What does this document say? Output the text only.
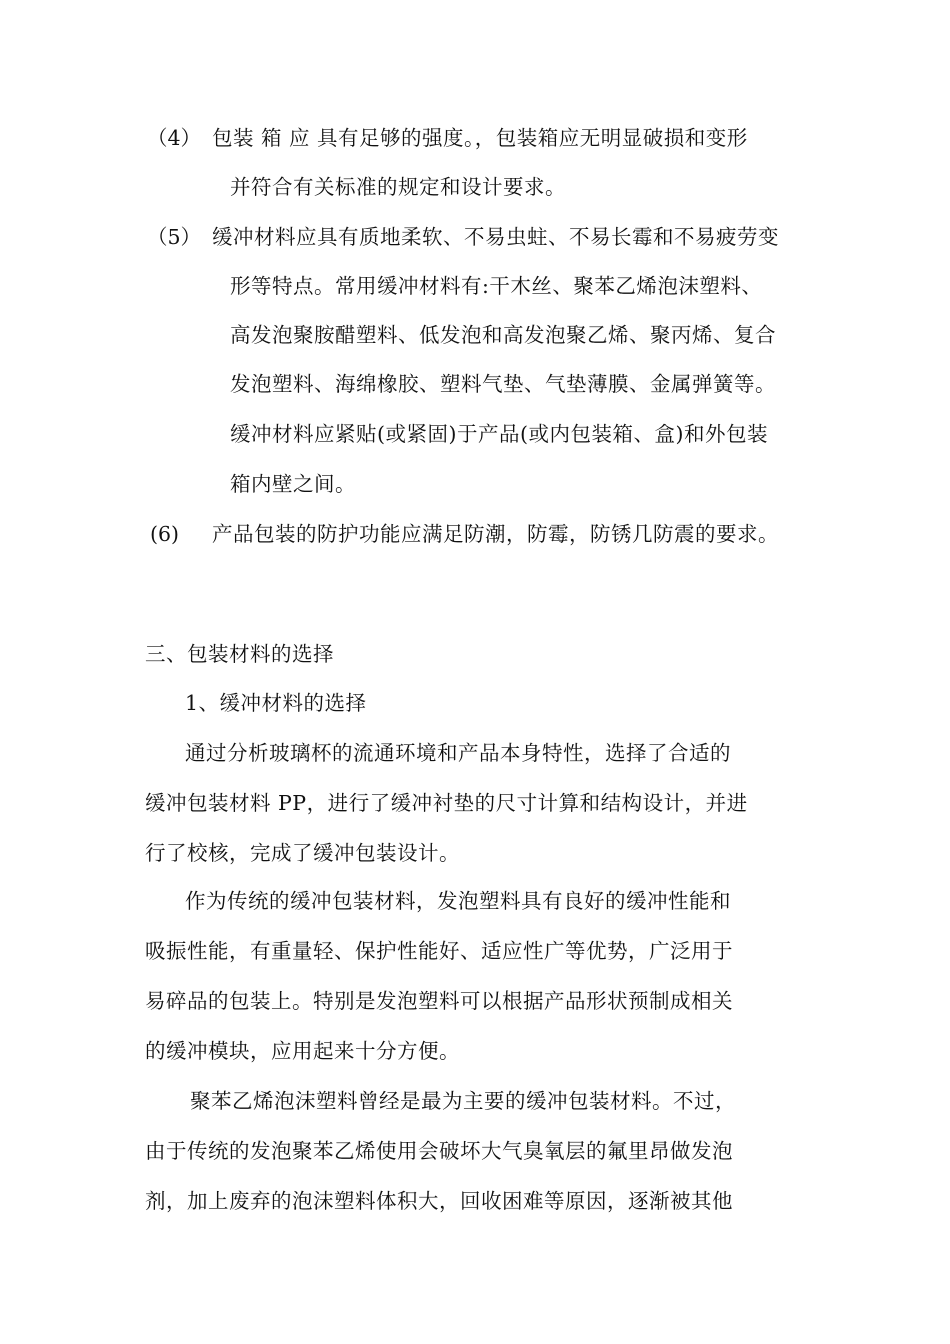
（4） 包装 箱 应 具有足够的强度。，包装箱应无明显破损和变形
并符合有关标准的规定和设计要求。
（5） 缓冲材料应具有质地柔软、不易虫蛀、不易长霉和不易疲劳变
形等特点。常用缓冲材料有:干木丝、聚苯乙烯泡沫塑料、
高发泡聚胺醋塑料、低发泡和高发泡聚乙烯、聚丙烯、复合
发泡塑料、海绵橡胶、塑料气垫、气垫薄膜、金属弹簧等。
缓冲材料应紧贴(或紧固)于产品(或内包装箱、盒)和外包装
箱内壁之间。
(6) 产品包装的防护功能应满足防潮，防霉，防锈几防震的要求。
三、包装材料的选择
1、缓冲材料的选择
通过分析玻璃杯的流通环境和产品本身特性，选择了合适的
缓冲包装材料 PP，进行了缓冲衬垫的尺寸计算和结构设计，并进
行了校核，完成了缓冲包装设计。
作为传统的缓冲包装材料，发泡塑料具有良好的缓冲性能和
吸振性能，有重量轻、保护性能好、适应性广等优势，广泛用于
易碎品的包装上。特别是发泡塑料可以根据产品形状预制成相关
的缓冲模块，应用起来十分方便。
聚苯乙烯泡沫塑料曾经是最为主要的缓冲包装材料。不过，
由于传统的发泡聚苯乙烯使用会破坏大气臭氧层的氟里昂做发泡
剂，加上废弃的泡沫塑料体积大，回收困难等原因，逐渐被其他
